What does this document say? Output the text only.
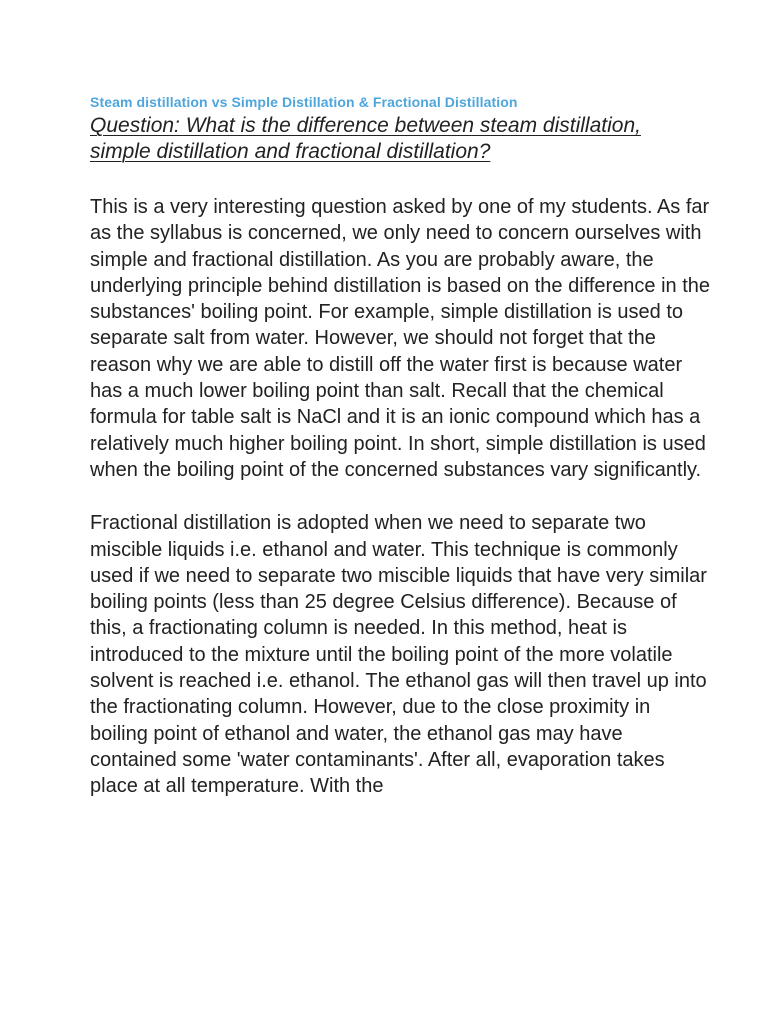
Steam distillation vs Simple Distillation & Fractional Distillation

Question: What is the difference between steam distillation, simple distillation and fractional distillation?

This is a very interesting question asked by one of my students. As far as the syllabus is concerned, we only need to concern ourselves with simple and fractional distillation. As you are probably aware, the underlying principle behind distillation is based on the difference in the substances' boiling point. For example, simple distillation is used to separate salt from water. However, we should not forget that the reason why we are able to distill off the water first is because water has a much lower boiling point than salt. Recall that the chemical formula for table salt is NaCl and it is an ionic compound which has a relatively much higher boiling point. In short, simple distillation is used when the boiling point of the concerned substances vary significantly.

Fractional distillation is adopted when we need to separate two miscible liquids i.e. ethanol and water. This technique is commonly used if we need to separate two miscible liquids that have very similar boiling points (less than 25 degree Celsius difference). Because of this, a fractionating column is needed. In this method, heat is introduced to the mixture until the boiling point of the more volatile solvent is reached i.e. ethanol. The ethanol gas will then travel up into the fractionating column. However, due to the close proximity in boiling point of ethanol and water, the ethanol gas may have contained some 'water contaminants'. After all, evaporation takes place at all temperature. With the
